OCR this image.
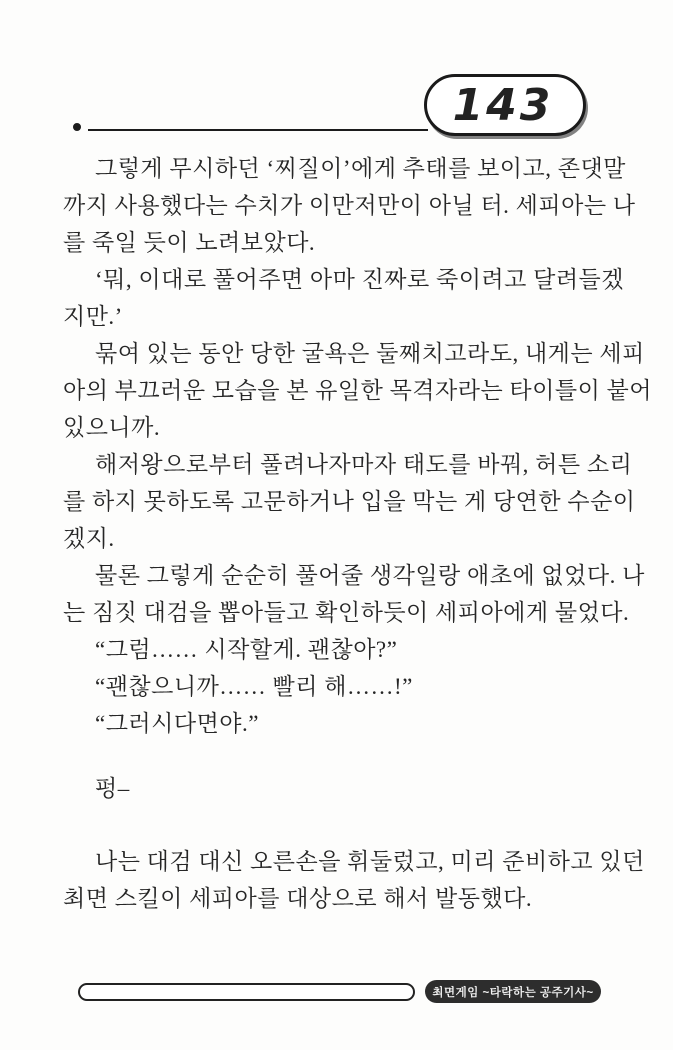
143

그렇게 무시하던 ‘찌질이’에게 추태를 보이고, 존댓말
까지 사용했다는 수치가 이만저만이 아닐 터. 세피아는 나
를 죽일 듯이 노려보았다.

‘뭐, 이대로 풀어주면 아마 진짜로 죽이려고 달려들겠
지만.’

묶여 있는 동안 당한 굴욕은 둘째치고라도, 내게는 세피
아의 부끄러운 모습을 본 유일한 목격자라는 타이틀이 붙어
있으니까.

해저왕으로부터 풀려나자마자 태도를 바꿔, 허튼 소리
를 하지 못하도록 고문하거나 입을 막는 게 당연한 수순이
겠지.

물론 그렇게 순순히 풀어줄 생각일랑 애초에 없었다. 나
는 짐짓 대검을 뽑아들고 확인하듯이 세피아에게 물었다.

“그럼…… 시작할게. 괜찮아?”

“괜찮으니까…… 빨리 해……!”

“그러시다면야.”

펑–

나는 대검 대신 오른손을 휘둘렀고, 미리 준비하고 있던
최면 스킬이 세피아를 대상으로 해서 발동했다.

최면게임 ~타락하는 공주기사~
